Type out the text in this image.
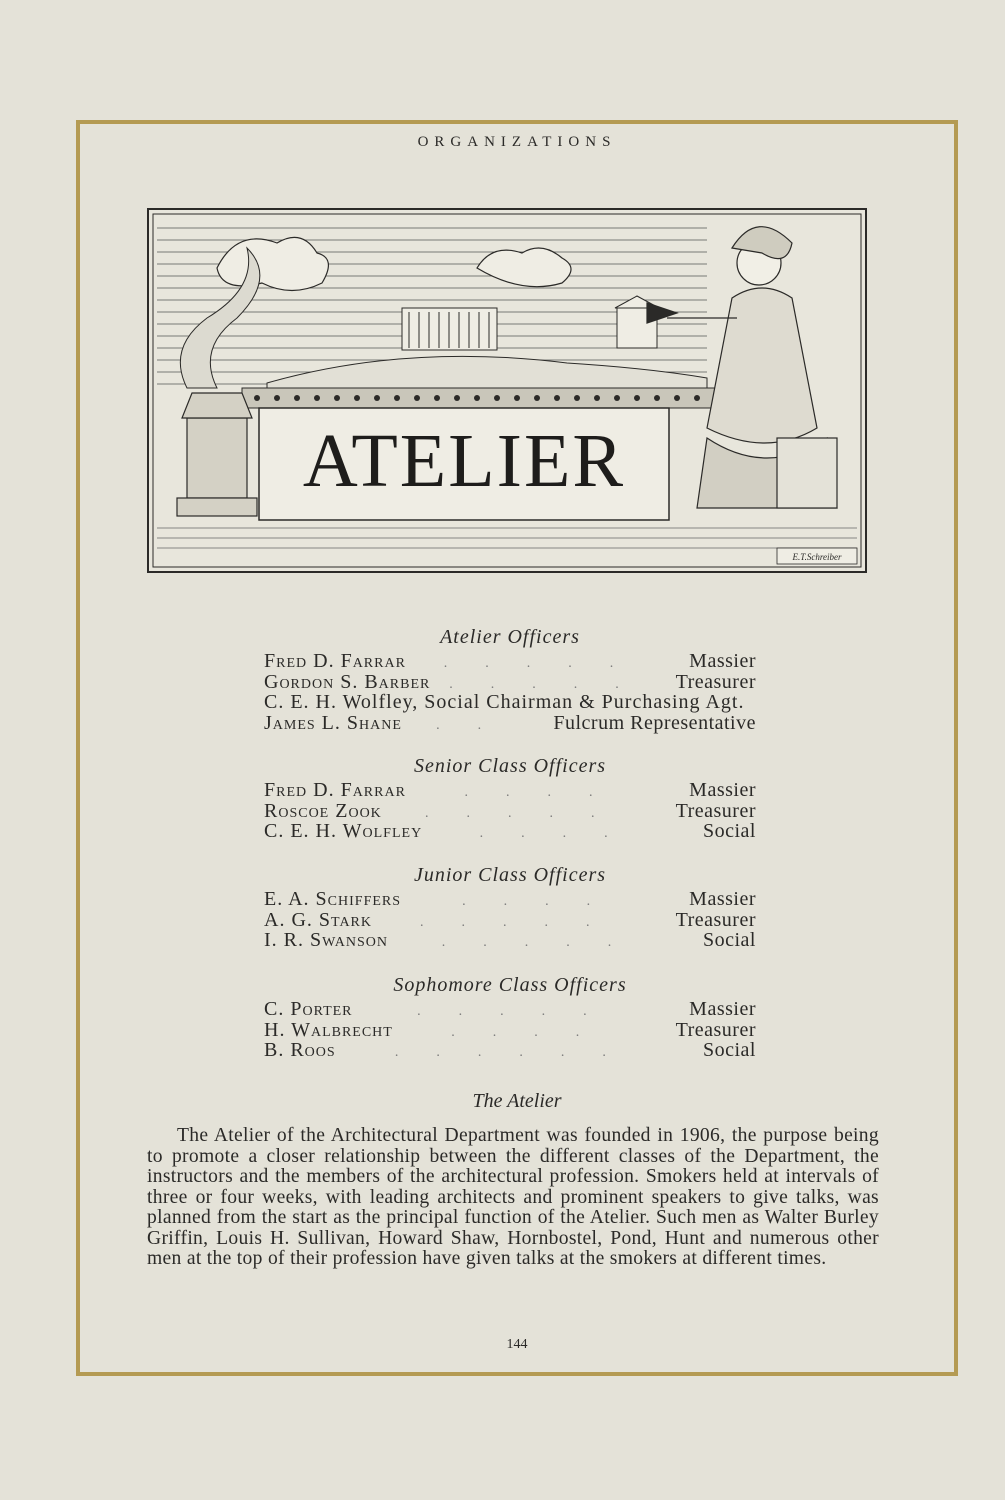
ORGANIZATIONS
ATELIER
E.T.Schreiber
Atelier Officers
Fred D. Farrar	.....	Massier
Gordon S. Barber	..... Treasurer
C. E. H. Wolfley, Social Chairman & Purchasing Agt.
James L. Shane	..	Fulcrum Representative
Senior Class Officers
Fred D. Farrar	....	Massier
Roscoe Zook	.....	Treasurer
C. E. H. Wolfley	....	Social
Junior Class Officers
E. A. Schiffers	....	Massier
A. G. Stark	.....	Treasurer
I. R. Swanson	.....	Social
Sophomore Class Officers
C. Porter	.....	Massier
H. Walbrecht	....	Treasurer
B. Roos	......	Social
The Atelier
The Atelier of the Architectural Department was founded in 1906, the purpose being to promote a closer relationship between the different classes of the Department, the instructors and the members of the architectural profession. Smokers held at intervals of three or four weeks, with leading architects and prominent speakers to give talks, was planned from the start as the principal function of the Atelier. Such men as Walter Burley Griffin, Louis H. Sullivan, Howard Shaw, Hornbostel, Pond, Hunt and numerous other men at the top of their profession have given talks at the smokers at different times.
144
